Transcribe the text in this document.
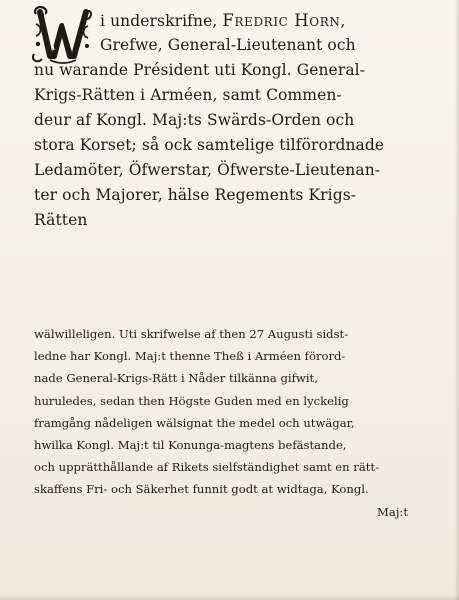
i underskrifne, Fredric Horn,
Grefwe, General-Lieutenant och
nu warande Président uti Kongl. General-
Krigs-Rätten i Arméen, samt Commen-
deur af Kongl. Maj:ts Swärds-Orden och
stora Korset; så ock samtelige tilförordnade
Ledamöter, Öfwerstar, Öfwerste-Lieutenan-
ter och Majorer, hälse Regements Krigs-
Rätten
wälwilleligen. Uti skrifwelse af then 27 Augusti sidst-
ledne har Kongl. Maj:t thenne Theß i Arméen förord-
nade General-Krigs-Rätt i Nåder tilkänna gifwit,
huruledes, sedan then Högste Guden med en lyckelig
framgång nådeligen wälsignat the medel och utwägar,
hwilka Kongl. Maj:t til Konunga-magtens befästande,
och upprätthållande af Rikets sielfständighet samt en rätt-
skaffens Fri- och Säkerhet funnit godt at widtaga, Kongl.
Maj:t
